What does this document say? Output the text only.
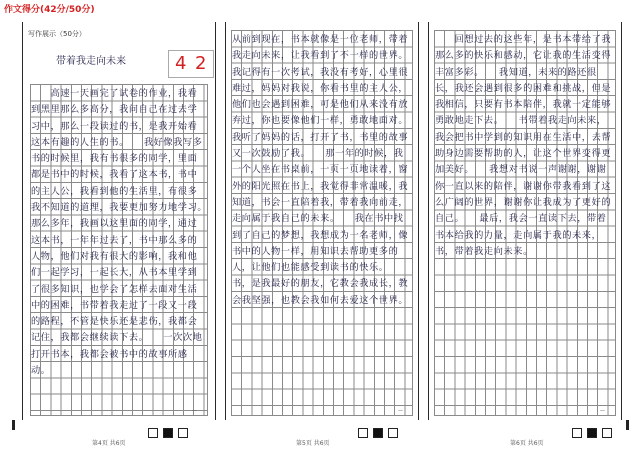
作文得分(42分/50分)
写作展示（50分）
带着我走向未来	4 2
　　高速一天画完了试卷的作业，我看到黑里那么多高分，我问自己在过去学习中，那么一段读过的书，是我开始看这本有趣的人生的书。　　我好像我写多书的时候里，我有书很多的同学，里面都是书中的时候，我看了这本书，书中的主人公，我看到他的生活里，有很多我不知道的道理，我要更加努力地学习。　　那么多年，我画以这里面的同学，通过这本书，一年年过去了，书中那么多的人物，他们对我有很大的影响，我和他们一起学习，一起长大，从书本里学到了很多知识，也学会了怎样去面对生活中的困难，书带着我走过了一段又一段的路程，不管是快乐还是悲伤，我都会记住，我都会继续读下去。　　一次次地打开书本，我都会被书中的故事所感动。
从前到现在，书本就像是一位老师，带着我走向未来，让我看到了不一样的世界。　　我记得有一次考试，我没有考好，心里很难过，妈妈对我说，你看书里的主人公，他们也会遇到困难，可是他们从来没有放弃过，你也要像他们一样，勇敢地面对。我听了妈妈的话，打开了书，书里的故事又一次鼓励了我。　　那一年的时候，我一个人坐在书桌前，一页一页地读着，窗外的阳光照在书上，我觉得非常温暖，我知道，书会一直陪着我，带着我向前走，走向属于我自己的未来。　　我在书中找到了自己的梦想，我想成为一名老师，像书中的人物一样，用知识去帮助更多的人，让他们也能感受到读书的快乐。　　书，是我最好的朋友，它教会我成长，教会我坚强，也教会我如何去爱这个世界。
　　回想过去的这些年，是书本带给了我那么多的快乐和感动，它让我的生活变得丰富多彩。　　我知道，未来的路还很长，我还会遇到很多的困难和挑战，但是我相信，只要有书本陪伴，我就一定能够勇敢地走下去。　　书带着我走向未来，我会把书中学到的知识用在生活中，去帮助身边需要帮助的人，让这个世界变得更加美好。　　我想对书说一声谢谢，谢谢你一直以来的陪伴，谢谢你带我看到了这么广阔的世界，谢谢你让我成为了更好的自己。　　最后，我会一直读下去，带着书本给我的力量，走向属于我的未来，书，带着我走向未来。
—	—	—
第4页 共6页	第5页 共6页	第6页 共6页
